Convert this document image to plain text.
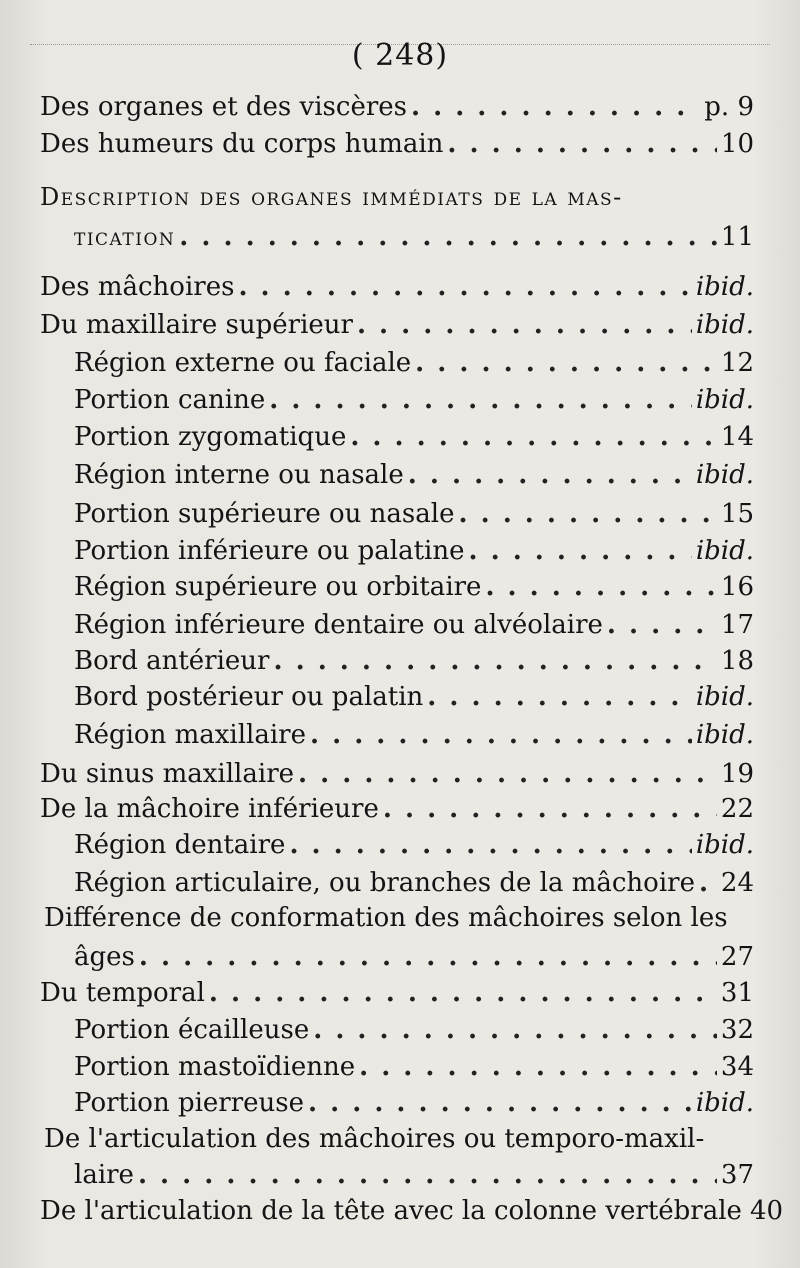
( 248)
Des organes et des viscères . . .	p. 9
Des humeurs du corps humain . . .	10
Description des organes immédiats de la mas-
tication . . .	11
Des mâchoires . . .	ibid.
Du maxillaire supérieur . . .	ibid.
Région externe ou faciale . . .	12
Portion canine . . .	ibid.
Portion zygomatique . . .	14
Région interne ou nasale . . .	ibid.
Portion supérieure ou nasale . . .	15
Portion inférieure ou palatine . . .	ibid.
Région supérieure ou orbitaire . . .	16
Région inférieure dentaire ou alvéolaire . . .	17
Bord antérieur . . .	18
Bord postérieur ou palatin . . .	ibid.
Région maxillaire . . .	ibid.
Du sinus maxillaire . . .	19
De la mâchoire inférieure . . .	22
Région dentaire . . .	ibid.
Région articulaire, ou branches de la mâchoire . . . 24
Différence de conformation des mâchoires selon les
âges . . .	27
Du temporal . . .	31
Portion écailleuse . . .	32
Portion mastoïdienne . . .	34
Portion pierreuse . . .	ibid.
De l'articulation des mâchoires ou temporo-maxil-
laire . . .	37
De l'articulation de la tête avec la colonne vertébrale 40
